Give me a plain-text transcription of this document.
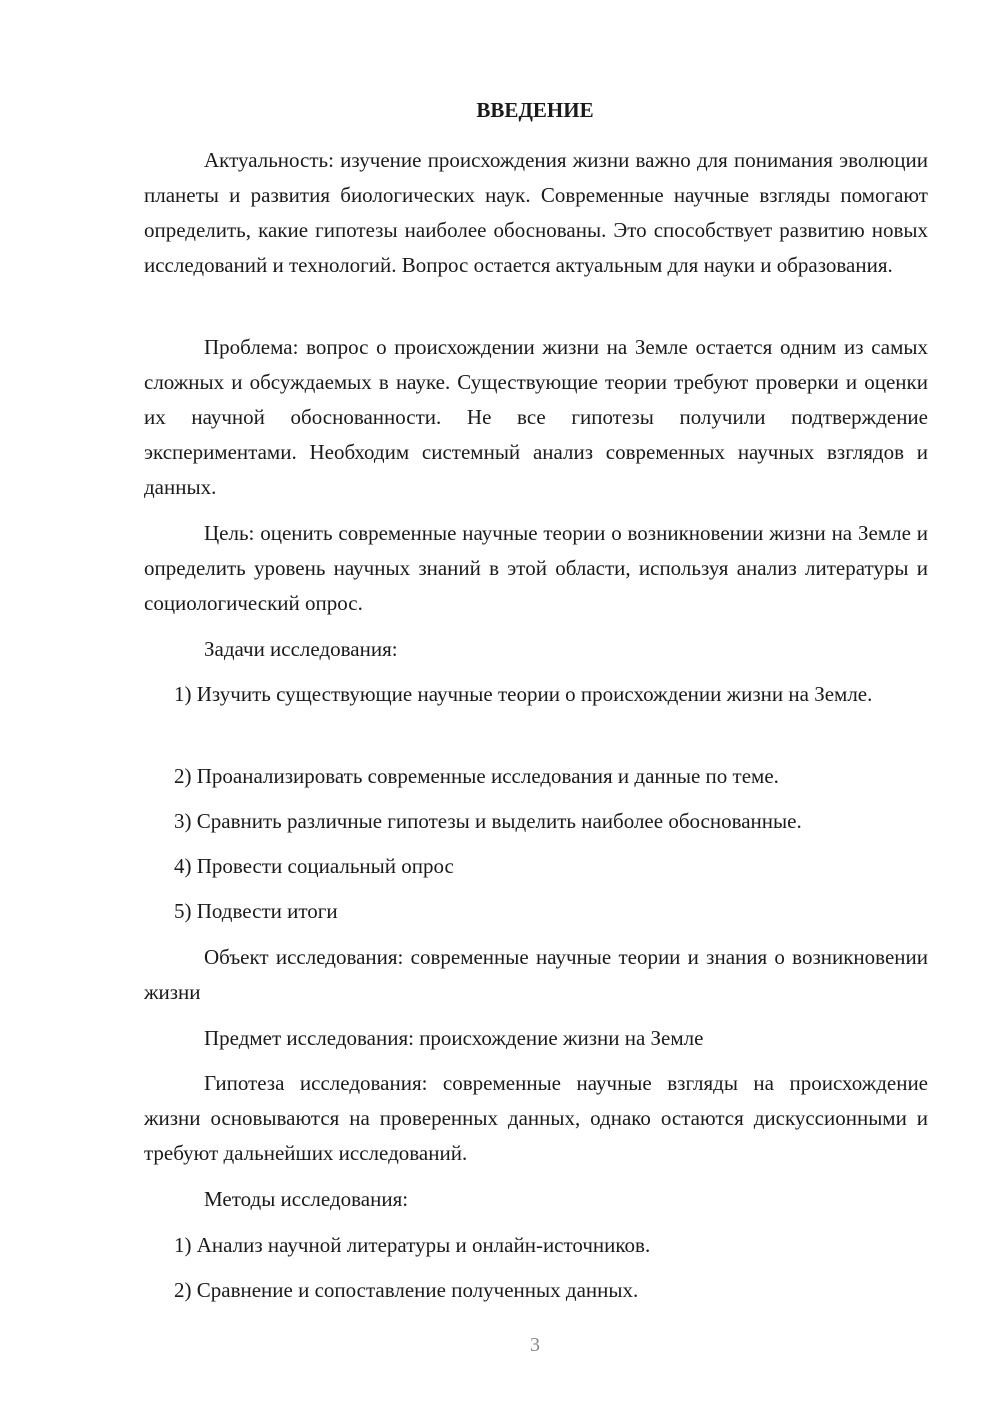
ВВЕДЕНИЕ

Актуальность: изучение происхождения жизни важно для понимания эволюции планеты и развития биологических наук. Современные научные взгляды помогают определить, какие гипотезы наиболее обоснованы. Это способствует развитию новых исследований и технологий. Вопрос остается актуальным для науки и образования.

Проблема: вопрос о происхождении жизни на Земле остается одним из самых сложных и обсуждаемых в науке. Существующие теории требуют проверки и оценки их научной обоснованности. Не все гипотезы получили подтверждение экспериментами. Необходим системный анализ современных научных взглядов и данных.

Цель: оценить современные научные теории о возникновении жизни на Земле и определить уровень научных знаний в этой области, используя анализ литературы и социологический опрос.

Задачи исследования:

1) Изучить существующие научные теории о происхождении жизни на Земле.

2) Проанализировать современные исследования и данные по теме.

3) Сравнить различные гипотезы и выделить наиболее обоснованные.

4) Провести социальный опрос

5) Подвести итоги

Объект исследования: современные научные теории и знания о возникновении жизни

Предмет исследования: происхождение жизни на Земле

Гипотеза исследования: современные научные взгляды на происхождение жизни основываются на проверенных данных, однако остаются дискуссионными и требуют дальнейших исследований.

Методы исследования:

1) Анализ научной литературы и онлайн-источников.

2) Сравнение и сопоставление полученных данных.

3
